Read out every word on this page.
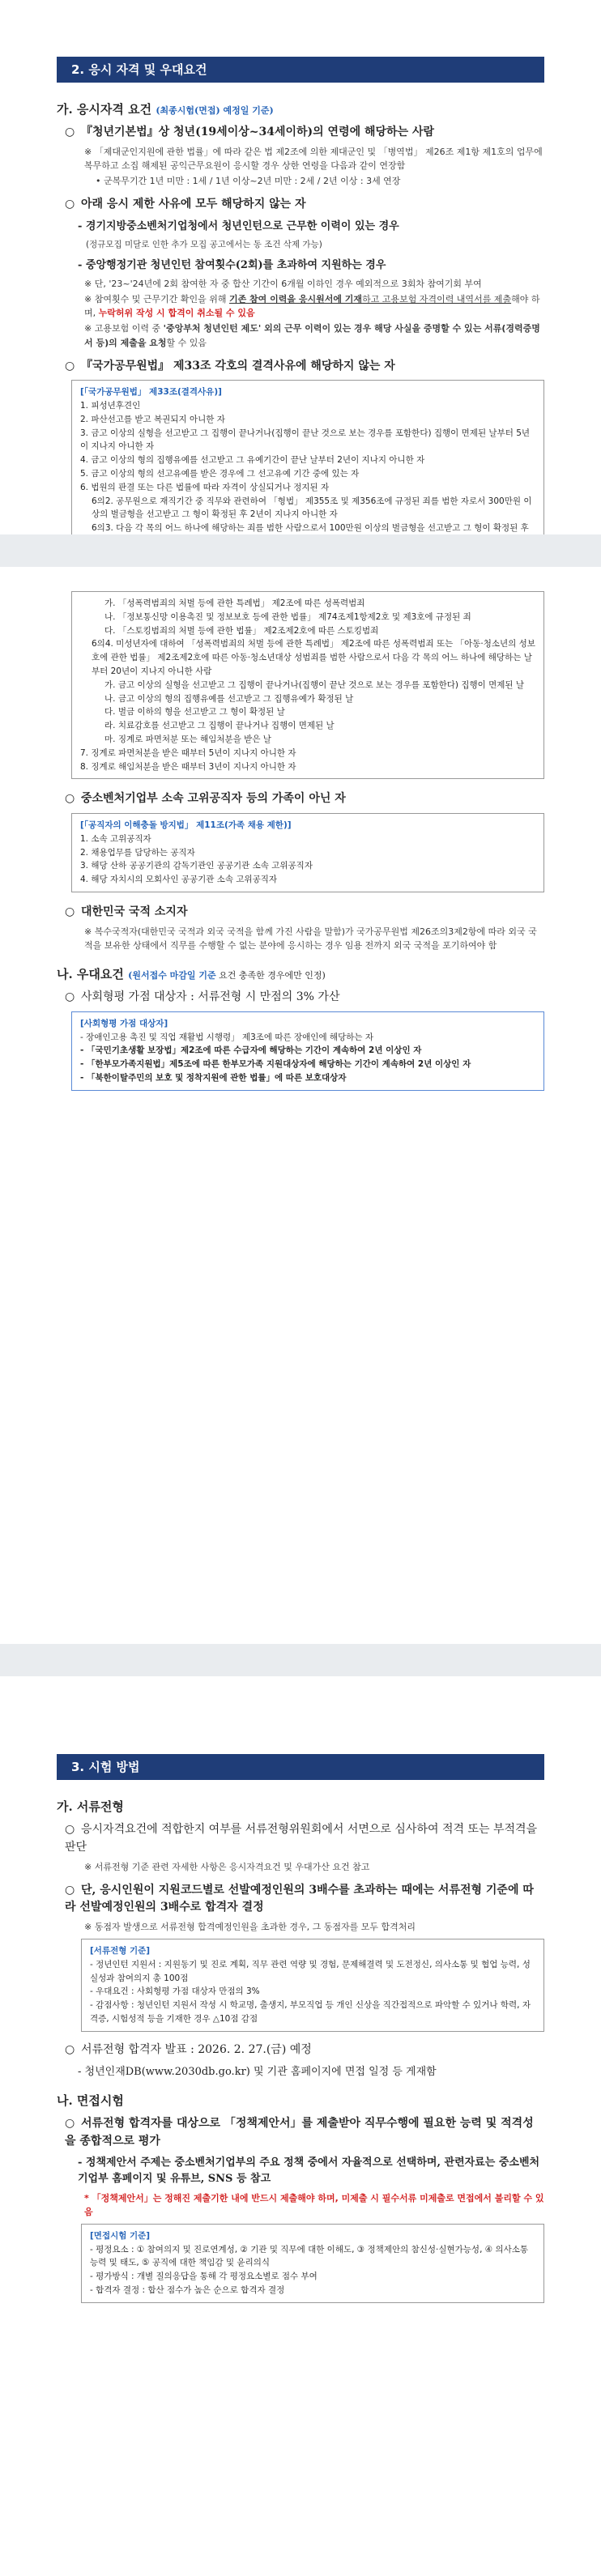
2. 응시 자격 및 우대요건

가. 응시자격 요건 (최종시험(면접) 예정일 기준)

○ 『청년기본법』상 청년(19세이상~34세이하)의 연령에 해당하는 사람

※ 「제대군인지원에 관한 법률」에 따라 같은 법 제2조에 의한 제대군인 및 「병역법」 제26조 제1항 제1호의 업무에 복무하고 소집 해제된 공익근무요원이 응시할 경우 상한 연령을 다음과 같이 연장함

• 군복무기간 1년 미만 : 1세 / 1년 이상~2년 미만 : 2세 / 2년 이상 : 3세 연장

○ 아래 응시 제한 사유에 모두 해당하지 않는 자

- 경기지방중소벤처기업청에서 청년인턴으로 근무한 이력이 있는 경우

(정규모집 미달로 인한 추가 모집 공고에서는 동 조건 삭제 가능)

- 중앙행정기관 청년인턴 참여횟수(2회)를 초과하여 지원하는 경우

※ 단, '23~'24년에 2회 참여한 자 중 합산 기간이 6개월 이하인 경우 예외적으로 3회차 참여기회 부여

※ 참여횟수 및 근무기간 확인을 위해 기존 참여 이력을 응시원서에 기재하고 고용보험 자격이력 내역서를 제출해야 하며, 누락허위 작성 시 합격이 취소될 수 있음

※ 고용보험 이력 중 '중앙부처 청년인턴 제도' 외의 근무 이력이 있는 경우 해당 사실을 증명할 수 있는 서류(경력증명서 등)의 제출을 요청할 수 있음

○ 『국가공무원법』 제33조 각호의 결격사유에 해당하지 않는 자

[「국가공무원법」 제33조(결격사유)]

1. 피성년후견인

2. 파산선고를 받고 복권되지 아니한 자

3. 금고 이상의 실형을 선고받고 그 집행이 끝나거나(집행이 끝난 것으로 보는 경우를 포함한다) 집행이 면제된 날부터 5년이 지나지 아니한 자

4. 금고 이상의 형의 집행유예를 선고받고 그 유예기간이 끝난 날부터 2년이 지나지 아니한 자

5. 금고 이상의 형의 선고유예를 받은 경우에 그 선고유예 기간 중에 있는 자

6. 법원의 판결 또는 다른 법률에 따라 자격이 상실되거나 정지된 자

6의2. 공무원으로 재직기간 중 직무와 관련하여 「형법」 제355조 및 제356조에 규정된 죄를 범한 자로서 300만원 이상의 벌금형을 선고받고 그 형이 확정된 후 2년이 지나지 아니한 자

6의3. 다음 각 목의 어느 하나에 해당하는 죄를 범한 사람으로서 100만원 이상의 벌금형을 선고받고 그 형이 확정된 후

가. 「성폭력범죄의 처벌 등에 관한 특례법」 제2조에 따른 성폭력범죄

나. 「정보통신망 이용촉진 및 정보보호 등에 관한 법률」 제74조제1항제2호 및 제3호에 규정된 죄

다. 「스토킹범죄의 처벌 등에 관한 법률」 제2조제2호에 따른 스토킹범죄

6의4. 미성년자에 대하여 「성폭력범죄의 처벌 등에 관한 특례법」 제2조에 따른 성폭력범죄 또는 「아동·청소년의 성보호에 관한 법률」 제2조제2호에 따른 아동·청소년대상 성범죄를 범한 사람으로서 다음 각 목의 어느 하나에 해당하는 날부터 20년이 지나지 아니한 사람

가. 금고 이상의 실형을 선고받고 그 집행이 끝나거나(집행이 끝난 것으로 보는 경우를 포함한다) 집행이 면제된 날

나. 금고 이상의 형의 집행유예를 선고받고 그 집행유예가 확정된 날

다. 벌금 이하의 형을 선고받고 그 형이 확정된 날

라. 치료감호를 선고받고 그 집행이 끝나거나 집행이 면제된 날

마. 징계로 파면처분 또는 해임처분을 받은 날

7. 징계로 파면처분을 받은 때부터 5년이 지나지 아니한 자

8. 징계로 해임처분을 받은 때부터 3년이 지나지 아니한 자

○ 중소벤처기업부 소속 고위공직자 등의 가족이 아닌 자

[「공직자의 이해충돌 방지법」 제11조(가족 채용 제한)]

1. 소속 고위공직자

2. 채용업무를 담당하는 공직자

3. 해당 산하 공공기관의 감독기관인 공공기관 소속 고위공직자

4. 해당 자치시의 모회사인 공공기관 소속 고위공직자

○ 대한민국 국적 소지자

※ 복수국적자(대한민국 국적과 외국 국적을 함께 가진 사람을 말함)가 국가공무원법 제26조의3제2항에 따라 외국 국적을 보유한 상태에서 직무를 수행할 수 없는 분야에 응시하는 경우 임용 전까지 외국 국적을 포기하여야 함

나. 우대요건 (원서접수 마감일 기준 요건 충족한 경우에만 인정)

○ 사회형평 가점 대상자 : 서류전형 시 만점의 3% 가산

[사회형평 가점 대상자]

- 장애인고용 촉진 및 직업 재활법 시행령」 제3조에 따른 장애인에 해당하는 자

- 「국민기초생활 보장법」제2조에 따른 수급자에 해당하는 기간이 계속하여 2년 이상인 자

- 「한부모가족지원법」제5조에 따른 한부모가족 지원대상자에 해당하는 기간이 계속하여 2년 이상인 자

- 「북한이탈주민의 보호 및 정착지원에 관한 법률」에 따른 보호대상자

3. 시험 방법

가. 서류전형

○ 응시자격요건에 적합한지 여부를 서류전형위원회에서 서면으로 심사하여 적격 또는 부적격을 판단

※ 서류전형 기준 관련 자세한 사항은 응시자격요건 및 우대가산 요건 참고

○ 단, 응시인원이 지원코드별로 선발예정인원의 3배수를 초과하는 때에는 서류전형 기준에 따라 선발예정인원의 3배수로 합격자 결정

※ 동점자 발생으로 서류전형 합격예정인원을 초과한 경우, 그 동점자를 모두 합격처리

[서류전형 기준]

- 정년인턴 지원서 : 지원동기 및 진로 계획, 직무 관련 역량 및 경험, 문제해결력 및 도전정신, 의사소통 및 협업 능력, 성실성과 참여의지 총 100점

- 우대요건 : 사회형평 가점 대상자 만점의 3%

- 감점사항 : 청년인턴 지원서 작성 시 학교명, 출생지, 부모직업 등 개인 신상을 직간접적으로 파악할 수 있거나 학력, 자격증, 시험성적 등을 기재한 경우 △10점 감점

○ 서류전형 합격자 발표 : 2026. 2. 27.(금) 예정

- 청년인재DB(www.2030db.go.kr) 및 기관 홈페이지에 면접 일정 등 게재함

나. 면접시험

○ 서류전형 합격자를 대상으로 「정책제안서」를 제출받아 직무수행에 필요한 능력 및 적격성을 종합적으로 평가

- 정책제안서 주제는 중소벤처기업부의 주요 정책 중에서 자율적으로 선택하며, 관련자료는 중소벤처기업부 홈페이지 및 유튜브, SNS 등 참고

* 「정책제안서」는 정해진 제출기한 내에 반드시 제출해야 하며, 미제출 시 필수서류 미제출로 면접에서 불리할 수 있음

[면접시험 기준]

- 평정요소 : ① 참여의지 및 진로연계성, ② 기관 및 직무에 대한 이해도, ③ 정책제안의 참신성·실현가능성, ④ 의사소통 능력 및 태도, ⑤ 공직에 대한 책임감 및 윤리의식

- 평가방식 : 개별 질의응답을 통해 각 평정요소별로 점수 부여

- 합격자 결정 : 합산 점수가 높은 순으로 합격자 결정
